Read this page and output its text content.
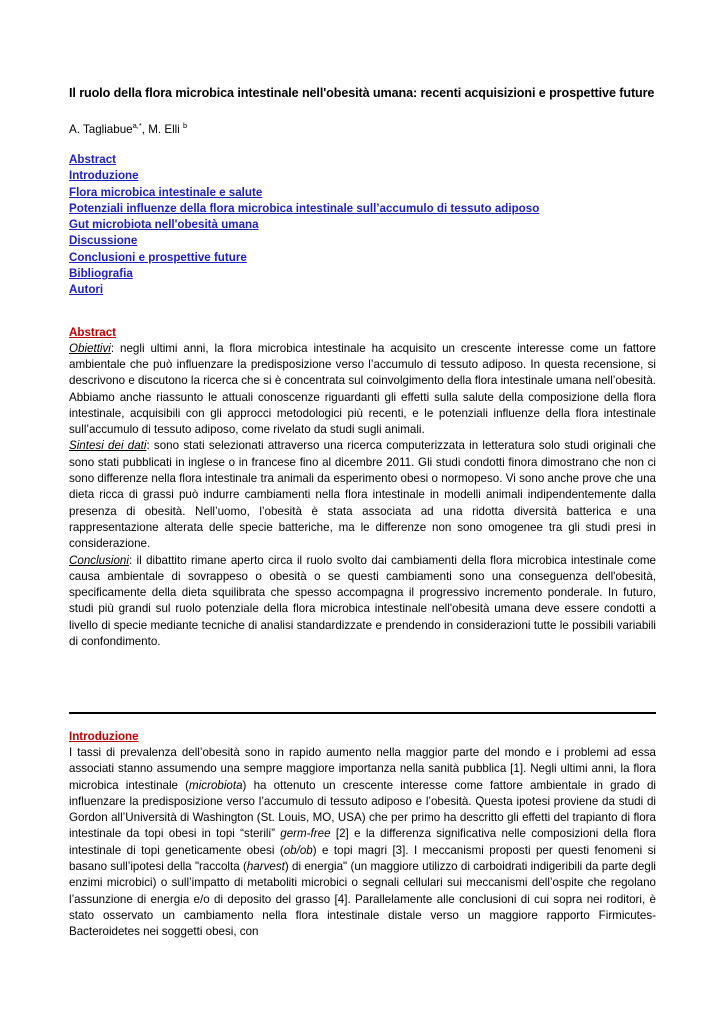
Il ruolo della flora microbica intestinale nell'obesità umana: recenti acquisizioni e prospettive future
A. Tagliabue$^{a,*}$, M. Elli $^b$
Abstract
Introduzione
Flora microbica intestinale e salute
Potenziali influenze della flora microbica intestinale sull’accumulo di tessuto adiposo
Gut microbiota nell'obesità umana
Discussione
Conclusioni e prospettive future
Bibliografia
Autori
Abstract

Obiettivi: negli ultimi anni, la flora microbica intestinale ha acquisito un crescente interesse come un fattore ambientale che può influenzare la predisposizione verso l’accumulo di tessuto adiposo. In questa recensione, si descrivono e discutono la ricerca che si è concentrata sul coinvolgimento della flora intestinale umana nell’obesità. Abbiamo anche riassunto le attuali conoscenze riguardanti gli effetti sulla salute della composizione della flora intestinale, acquisibili con gli approcci metodologici più recenti, e le potenziali influenze della flora intestinale sull’accumulo di tessuto adiposo, come rivelato da studi sugli animali.

Sintesi dei dati: sono stati selezionati attraverso una ricerca computerizzata in letteratura solo studi originali che sono stati pubblicati in inglese o in francese fino al dicembre 2011. Gli studi condotti finora dimostrano che non ci sono differenze nella flora intestinale tra animali da esperimento obesi o normopeso. Vi sono anche prove che una dieta ricca di grassi può indurre cambiamenti nella flora intestinale in modelli animali indipendentemente dalla presenza di obesità. Nell’uomo, l’obesità è stata associata ad una ridotta diversità batterica e una rappresentazione alterata delle specie batteriche, ma le differenze non sono omogenee tra gli studi presi in considerazione.

Conclusioni: il dibattito rimane aperto circa il ruolo svolto dai cambiamenti della flora microbica intestinale come causa ambientale di sovrappeso o obesità o se questi cambiamenti sono una conseguenza dell'obesità, specificamente della dieta squilibrata che spesso accompagna il progressivo incremento ponderale. In futuro, studi più grandi sul ruolo potenziale della flora microbica intestinale nell'obesità umana deve essere condotti a livello di specie mediante tecniche di analisi standardizzate e prendendo in considerazioni tutte le possibili variabili di confondimento.

Introduzione

I tassi di prevalenza dell’obesità sono in rapido aumento nella maggior parte del mondo e i problemi ad essa associati stanno assumendo una sempre maggiore importanza nella sanità pubblica [1]. Negli ultimi anni, la flora microbica intestinale (microbiota) ha ottenuto un crescente interesse come fattore ambientale in grado di influenzare la predisposizione verso l’accumulo di tessuto adiposo e l’obesità. Questa ipotesi proviene da studi di Gordon all’Università di Washington (St. Louis, MO, USA) che per primo ha descritto gli effetti del trapianto di flora intestinale da topi obesi in topi “sterili” germ-free [2] e la differenza significativa nelle composizioni della flora intestinale di topi geneticamente obesi (ob/ob) e topi magri [3]. I meccanismi proposti per questi fenomeni si basano sull’ipotesi della "raccolta (harvest) di energia" (un maggiore utilizzo di carboidrati indigeribili da parte degli enzimi microbici) o sull’impatto di metaboliti microbici o segnali cellulari sui meccanismi dell’ospite che regolano l’assunzione di energia e/o di deposito del grasso [4]. Parallelamente alle conclusioni di cui sopra nei roditori, è stato osservato un cambiamento nella flora intestinale distale verso un maggiore rapporto Firmicutes-Bacteroidetes nei soggetti obesi, con
